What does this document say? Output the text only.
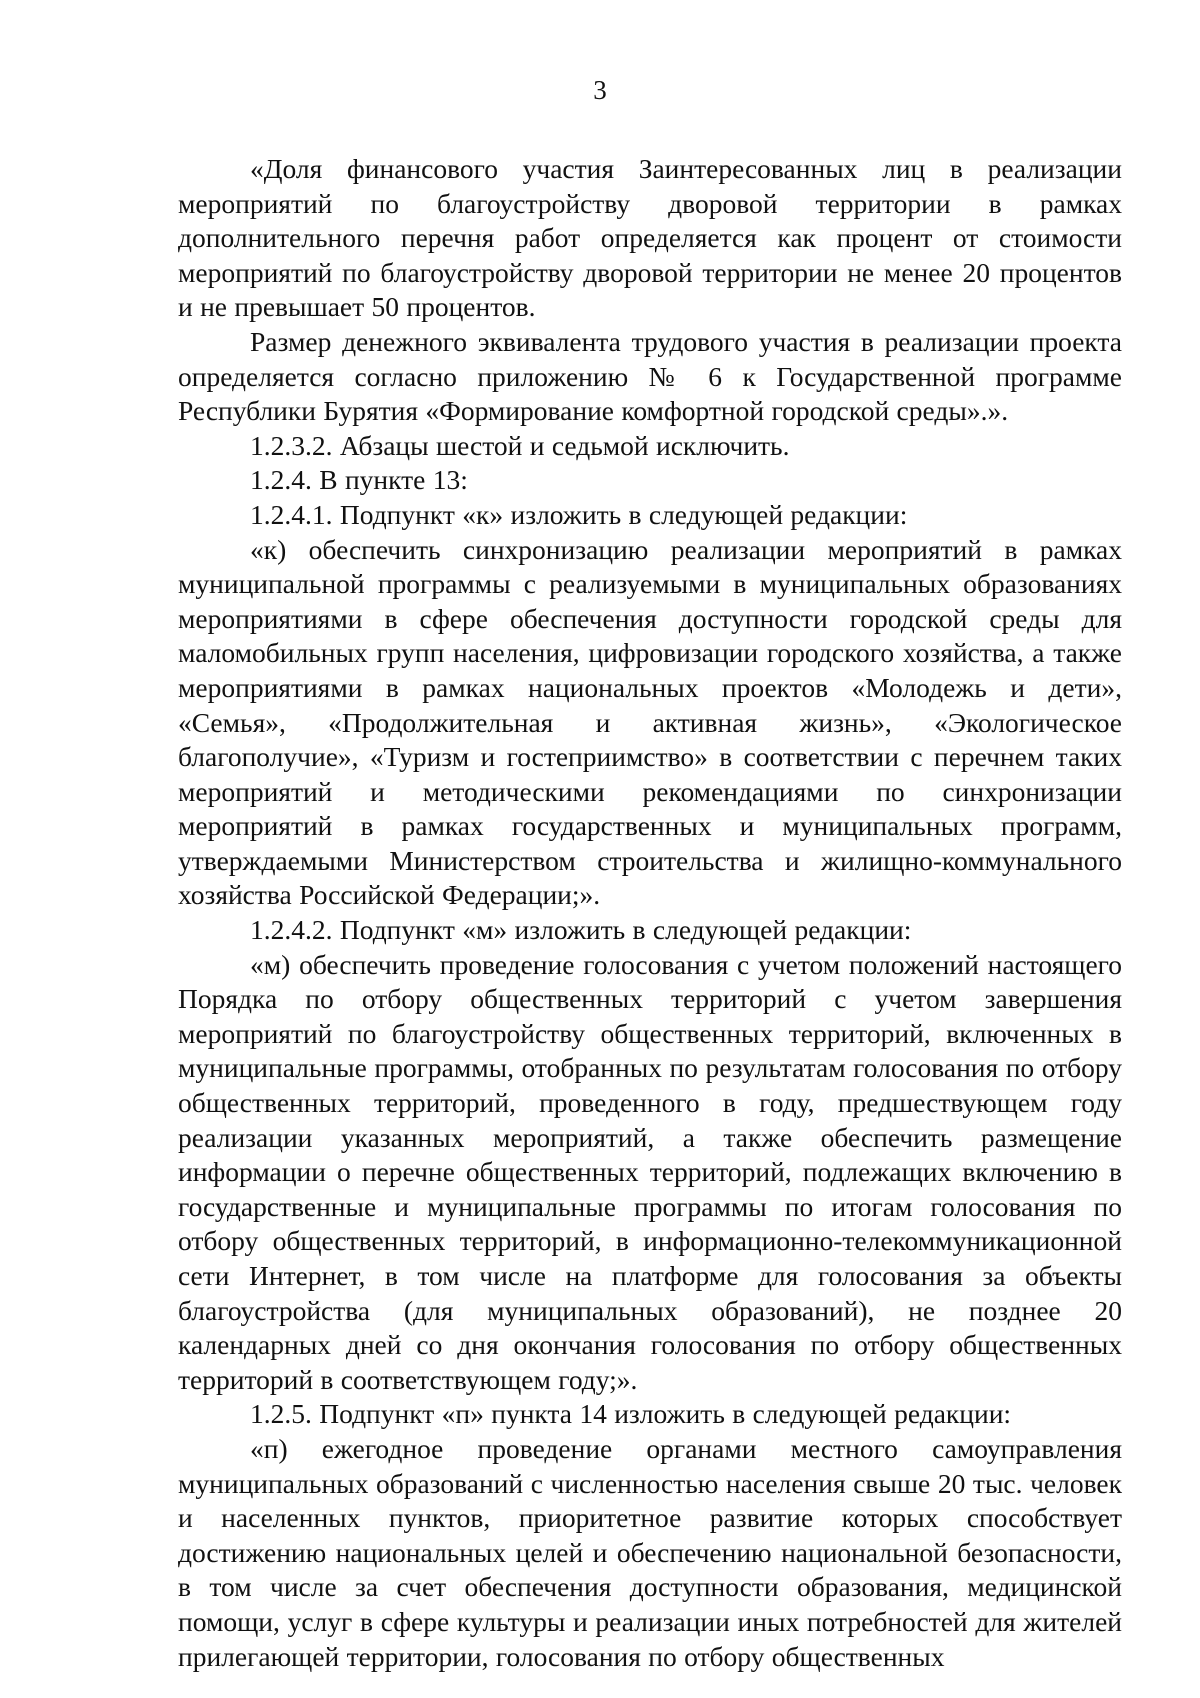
3

«Доля финансового участия Заинтересованных лиц в реализации мероприятий по благоустройству дворовой территории в рамках дополнительного перечня работ определяется как процент от стоимости мероприятий по благоустройству дворовой территории не менее 20 процентов и не превышает 50 процентов.

Размер денежного эквивалента трудового участия в реализации проекта определяется согласно приложению № 6 к Государственной программе Республики Бурятия «Формирование комфортной городской среды».».

1.2.3.2. Абзацы шестой и седьмой исключить.

1.2.4. В пункте 13:

1.2.4.1. Подпункт «к» изложить в следующей редакции:

«к) обеспечить синхронизацию реализации мероприятий в рамках муниципальной программы с реализуемыми в муниципальных образованиях мероприятиями в сфере обеспечения доступности городской среды для маломобильных групп населения, цифровизации городского хозяйства, а также мероприятиями в рамках национальных проектов «Молодежь и дети», «Семья», «Продолжительная и активная жизнь», «Экологическое благополучие», «Туризм и гостеприимство» в соответствии с перечнем таких мероприятий и методическими рекомендациями по синхронизации мероприятий в рамках государственных и муниципальных программ, утверждаемыми Министерством строительства и жилищно-коммунального хозяйства Российской Федерации;».

1.2.4.2. Подпункт «м» изложить в следующей редакции:

«м) обеспечить проведение голосования с учетом положений настоящего Порядка по отбору общественных территорий с учетом завершения мероприятий по благоустройству общественных территорий, включенных в муниципальные программы, отобранных по результатам голосования по отбору общественных территорий, проведенного в году, предшествующем году реализации указанных мероприятий, а также обеспечить размещение информации о перечне общественных территорий, подлежащих включению в государственные и муниципальные программы по итогам голосования по отбору общественных территорий, в информационно-телекоммуникационной сети Интернет, в том числе на платформе для голосования за объекты благоустройства (для муниципальных образований), не позднее 20 календарных дней со дня окончания голосования по отбору общественных территорий в соответствующем году;».

1.2.5. Подпункт «п» пункта 14 изложить в следующей редакции:

«п) ежегодное проведение органами местного самоуправления муниципальных образований с численностью населения свыше 20 тыс. человек и населенных пунктов, приоритетное развитие которых способствует достижению национальных целей и обеспечению национальной безопасности, в том числе за счет обеспечения доступности образования, медицинской помощи, услуг в сфере культуры и реализации иных потребностей для жителей прилегающей территории, голосования по отбору общественных
